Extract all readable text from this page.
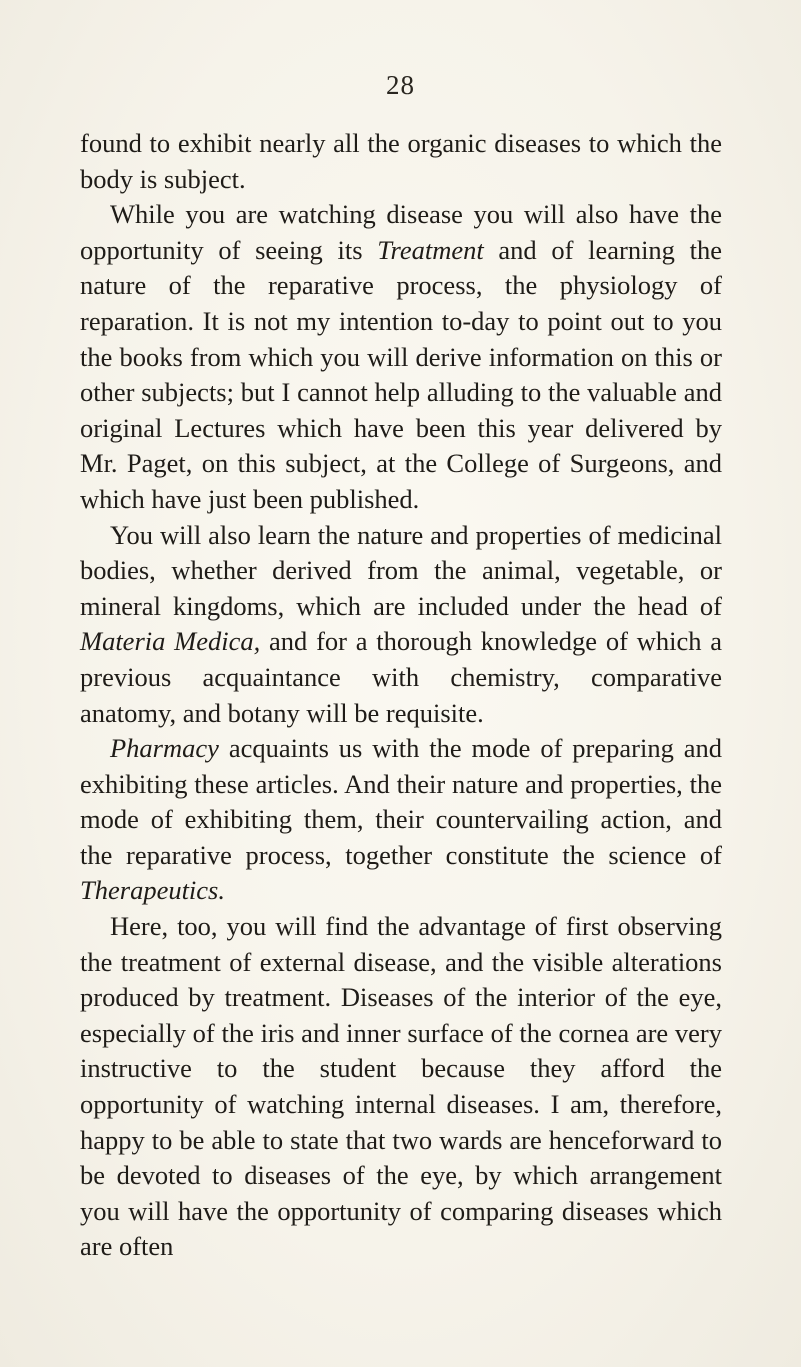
28

found to exhibit nearly all the organic diseases to which the body is subject.

While you are watching disease you will also have the opportunity of seeing its Treatment and of learning the nature of the reparative process, the physiology of reparation. It is not my intention to-day to point out to you the books from which you will derive information on this or other subjects; but I cannot help alluding to the valuable and original Lectures which have been this year delivered by Mr. Paget, on this subject, at the College of Surgeons, and which have just been published.

You will also learn the nature and properties of medicinal bodies, whether derived from the animal, vegetable, or mineral kingdoms, which are included under the head of Materia Medica, and for a thorough knowledge of which a previous acquaintance with chemistry, comparative anatomy, and botany will be requisite.

Pharmacy acquaints us with the mode of preparing and exhibiting these articles. And their nature and properties, the mode of exhibiting them, their countervailing action, and the reparative process, together constitute the science of Therapeutics.

Here, too, you will find the advantage of first observing the treatment of external disease, and the visible alterations produced by treatment. Diseases of the interior of the eye, especially of the iris and inner surface of the cornea are very instructive to the student because they afford the opportunity of watching internal diseases. I am, therefore, happy to be able to state that two wards are henceforward to be devoted to diseases of the eye, by which arrangement you will have the opportunity of comparing diseases which are often
